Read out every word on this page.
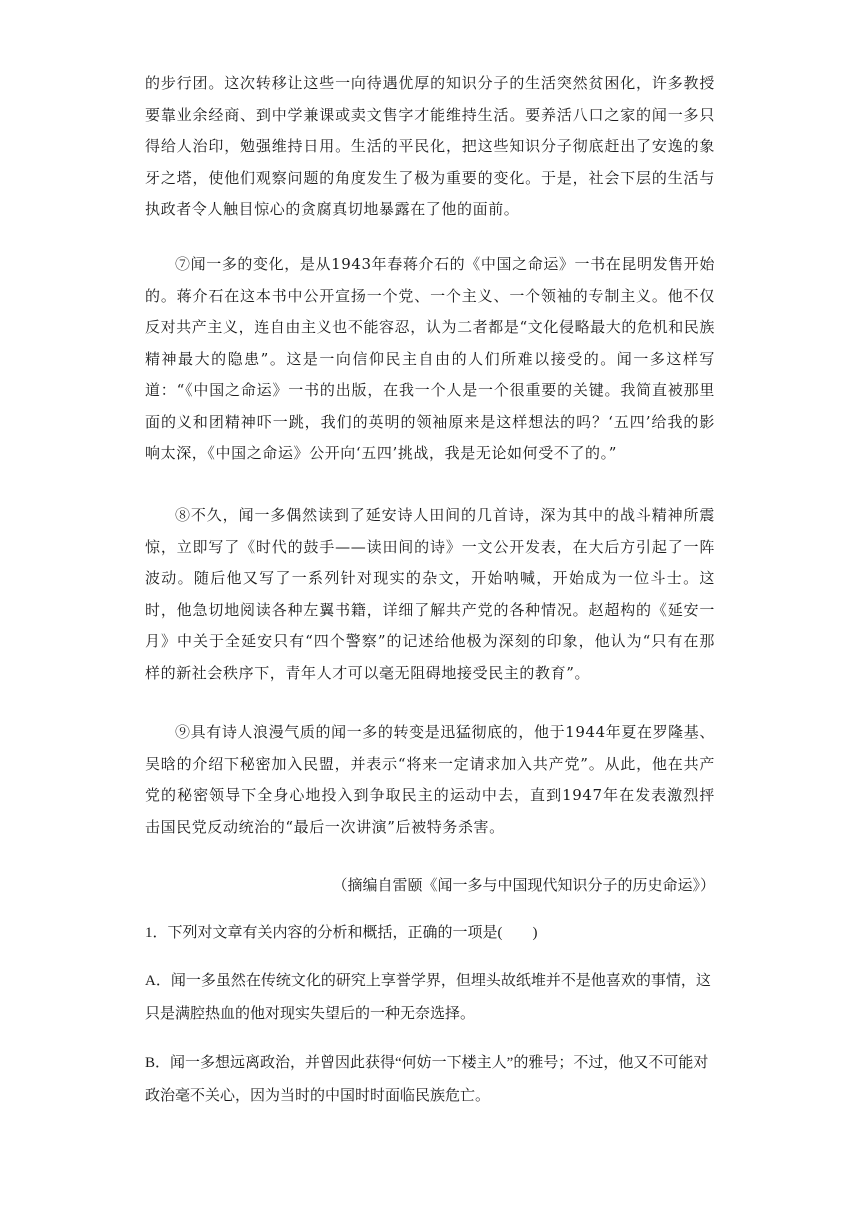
的步行团。这次转移让这些一向待遇优厚的知识分子的生活突然贫困化，许多教授要靠业余经商、到中学兼课或卖文售字才能维持生活。要养活八口之家的闻一多只得给人治印，勉强维持日用。生活的平民化，把这些知识分子彻底赶出了安逸的象牙之塔，使他们观察问题的角度发生了极为重要的变化。于是，社会下层的生活与执政者令人触目惊心的贪腐真切地暴露在了他的面前。

⑦闻一多的变化，是从1943年春蒋介石的《中国之命运》一书在昆明发售开始的。蒋介石在这本书中公开宣扬一个党、一个主义、一个领袖的专制主义。他不仅反对共产主义，连自由主义也不能容忍，认为二者都是“文化侵略最大的危机和民族精神最大的隐患”。这是一向信仰民主自由的人们所难以接受的。闻一多这样写道：“《中国之命运》一书的出版，在我一个人是一个很重要的关键。我简直被那里面的义和团精神吓一跳，我们的英明的领袖原来是这样想法的吗？‘五四’给我的影响太深，《中国之命运》公开向‘五四’挑战，我是无论如何受不了的。”

⑧不久，闻一多偶然读到了延安诗人田间的几首诗，深为其中的战斗精神所震惊，立即写了《时代的鼓手——读田间的诗》一文公开发表，在大后方引起了一阵波动。随后他又写了一系列针对现实的杂文，开始呐喊，开始成为一位斗士。这时，他急切地阅读各种左翼书籍，详细了解共产党的各种情况。赵超构的《延安一月》中关于全延安只有“四个警察”的记述给他极为深刻的印象，他认为“只有在那样的新社会秩序下，青年人才可以毫无阻碍地接受民主的教育”。

⑨具有诗人浪漫气质的闻一多的转变是迅猛彻底的，他于1944年夏在罗隆基、吴晗的介绍下秘密加入民盟，并表示“将来一定请求加入共产党”。从此，他在共产党的秘密领导下全身心地投入到争取民主的运动中去，直到1947年在发表激烈抨击国民党反动统治的“最后一次讲演”后被特务杀害。

（摘编自雷颐《闻一多与中国现代知识分子的历史命运》）

1．下列对文章有关内容的分析和概括，正确的一项是(　　)

A．闻一多虽然在传统文化的研究上享誉学界，但埋头故纸堆并不是他喜欢的事情，这只是满腔热血的他对现实失望后的一种无奈选择。

B．闻一多想远离政治，并曾因此获得“何妨一下楼主人”的雅号；不过，他又不可能对政治毫不关心，因为当时的中国时时面临民族危亡。
